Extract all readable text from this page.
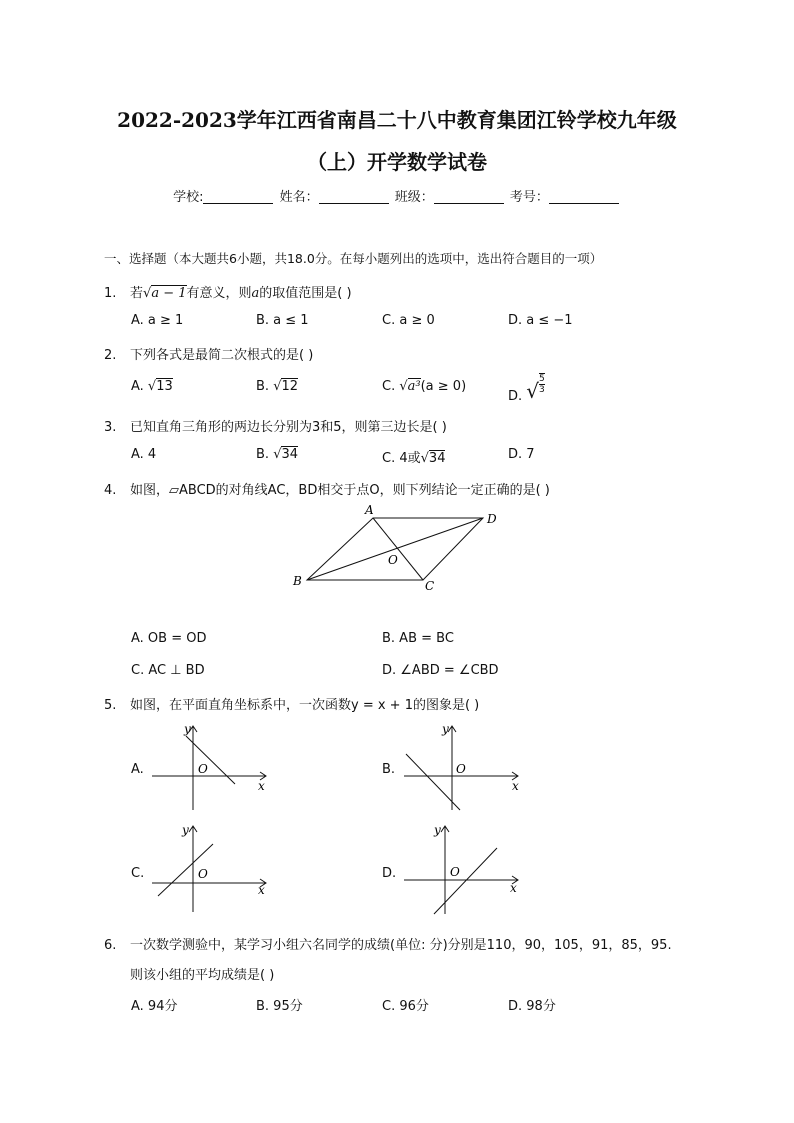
2022-2023学年江西省南昌二十八中教育集团江铃学校九年级
（上）开学数学试卷
学校:	姓名：	班级：	考号：
一、选择题（本大题共6小题，共18.0分。在每小题列出的选项中，选出符合题目的一项）
1. 若√a − 1有意义，则a的取值范围是( )
A. a ≥ 1	B. a ≤ 1	C. a ≥ 0	D. a ≤ −1
2. 下列各式是最简二次根式的是( )
A. √13	B. √12	C. √a³(a ≥ 0)
D. √ $\frac{5}{3}$
3. 已知直角三角形的两边长分别为3和5，则第三边长是( )
A. 4	B. √34	C. 4或√34	D. 7
4. 如图，▱ABCD的对角线AC，BD相交于点O，则下列结论一定正确的是( )
A
D
B	C
O
A. OB = OD	B. AB = BC
C. AC ⊥ BD	D. ∠ABD = ∠CBD
5. 如图，在平面直角坐标系中，一次函数y = x + 1的图象是( )
A.
x
y
O	B.
x
y
O
C.
x
y
O	D.
x
y
O
6. 一次数学测验中，某学习小组六名同学的成绩(单位: 分)分别是110，90，105，91，85，95.
则该小组的平均成绩是( )
A. 94分	B. 95分	C. 96分	D. 98分
